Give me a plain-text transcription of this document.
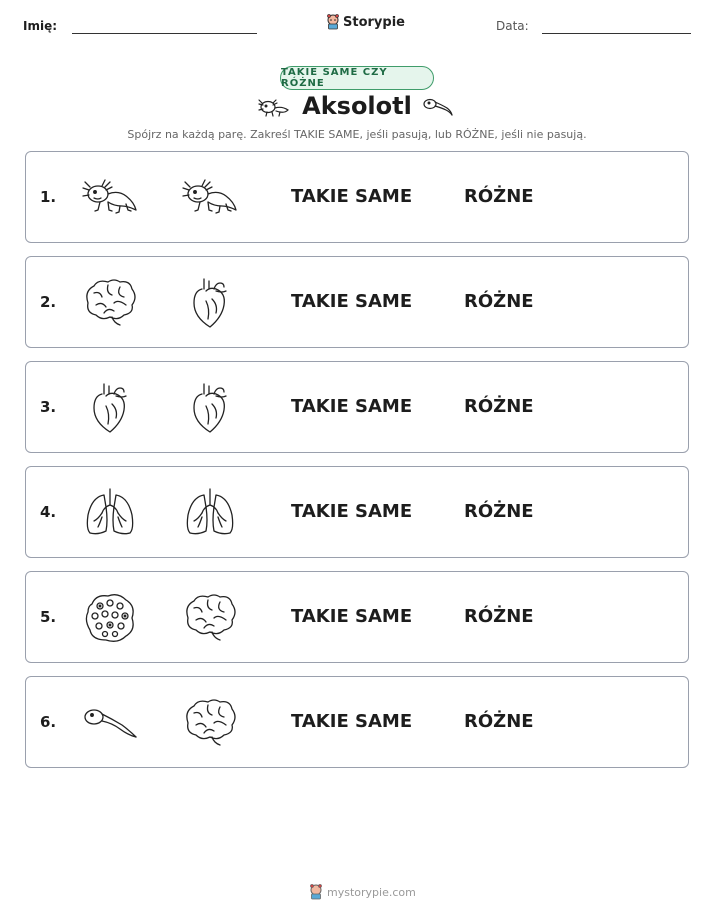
Imię:	Storypie	Data:
TAKIE SAME CZY RÓŻNE
Aksolotl
Spójrz na każdą parę. Zakreśl TAKIE SAME, jeśli pasują, lub RÓŻNE, jeśli nie pasują.
1.	TAKIE SAME	RÓŻNE
2.	TAKIE SAME	RÓŻNE
3.	TAKIE SAME	RÓŻNE
4.	TAKIE SAME	RÓŻNE
5.	TAKIE SAME	RÓŻNE
6.	TAKIE SAME	RÓŻNE
mystorypie.com
